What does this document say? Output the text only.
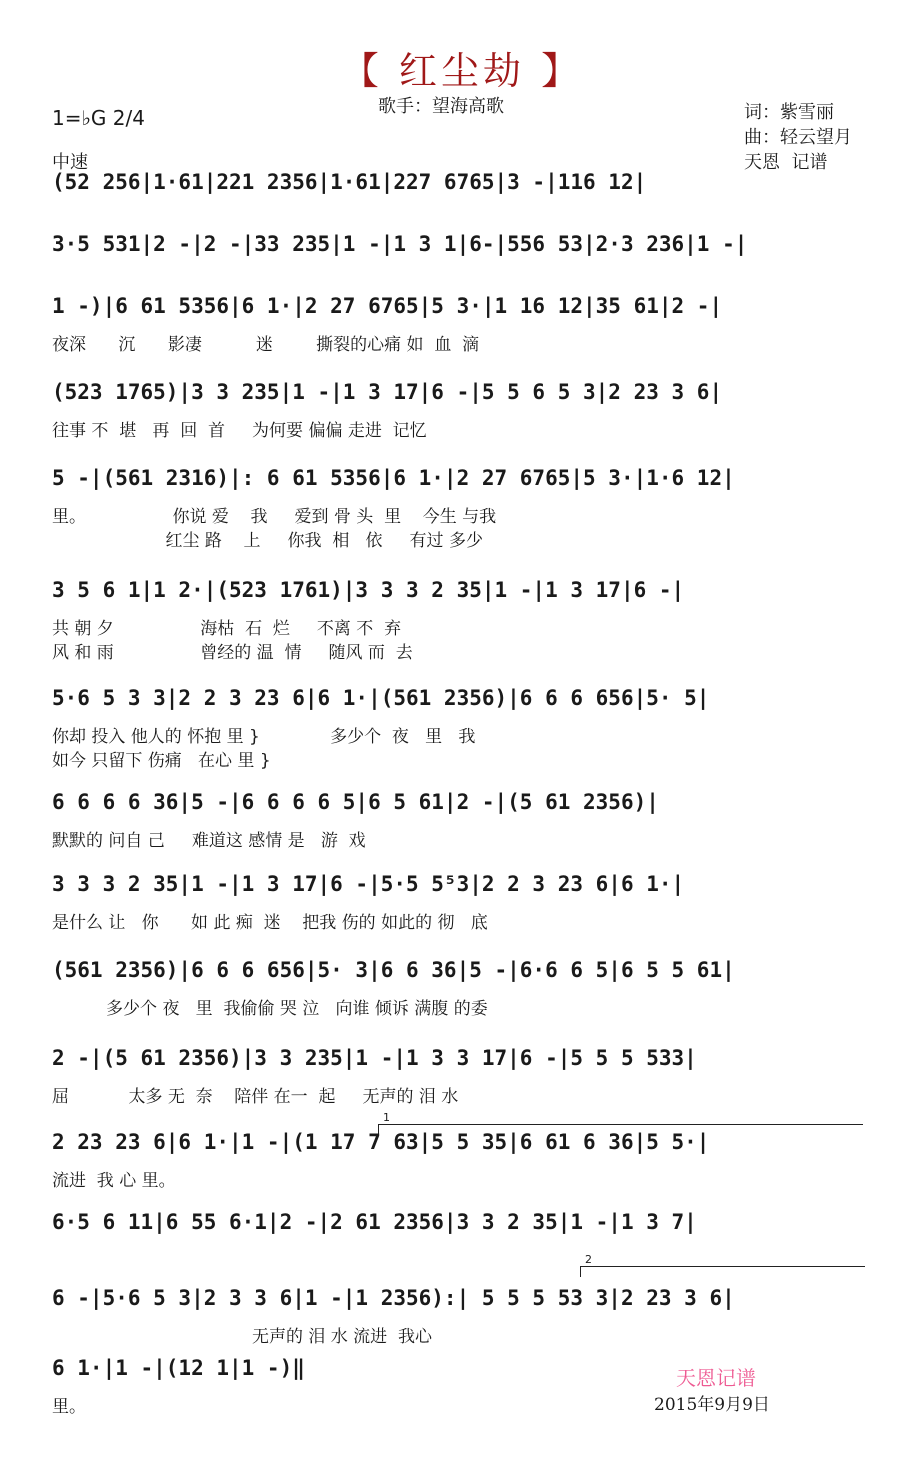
【 红尘劫 】
歌手：望海高歌	词：紫雪丽
曲：轻云望月
天恩  记谱
1=♭G 2/4
中速
1
2
(52 256|1·61|221 2356|1·61|227 6765|3 -|116 12|
3·5 531|2 -|2 -|33 235|1 -|1 3 1|6-|556 53|2·3 236|1 -|
1 -)|6 61 5356|6 1·|2 27 6765|5 3·|1 16 12|35 61|2 -|
夜深      沉      影凄          迷        撕裂的心痛 如  血  滴
(523 1765)|3 3 235|1 -|1 3 17|6 -|5 5 6 5 3|2 23 3 6|
往事 不  堪   再  回  首     为何要 偏偏 走进  记忆
5 -|(561 2316)|: 6 61 5356|6 1·|2 27 6765|5 3·|1·6 12|
里。                你说 爱    我     爱到 骨 头  里    今生 与我
红尘 路    上     你我  相   依     有过 多少
3 5 6 1|1 2·|(523 1761)|3 3 3 2 35|1 -|1 3 17|6 -|
共 朝 夕                海枯  石  烂     不离 不  弃
风 和 雨                曾经的 温  情     随风 而  去
5·6 5 3 3|2 2 3 23 6|6 1·|(561 2356)|6 6 6 656|5· 5|
你却 投入 他人的 怀抱 里 }             多少个  夜   里   我
如今 只留下 伤痛   在心 里 }
6 6 6 6 36|5 -|6 6 6 6 5|6 5 61|2 -|(5 61 2356)|
默默的 问自 己     难道这 感情 是   游  戏
3 3 3 2 35|1 -|1 3 17|6 -|5·5 5⁵3|2 2 3 23 6|6 1·|
是什么 让   你      如 此 痴  迷    把我 伤的 如此的 彻   底
(561 2356)|6 6 6 656|5· 3|6 6 36|5 -|6·6 6 5|6 5 5 61|
多少个 夜   里  我偷偷 哭 泣   向谁 倾诉 满腹 的委
2 -|(5 61 2356)|3 3 235|1 -|1 3 3 17|6 -|5 5 5 533|
屈           太多 无  奈    陪伴 在一  起     无声的 泪 水
2 23 23 6|6 1·|1 -|(1 17 7 63|5 5 35|6 61 6 36|5 5·|
流进  我 心 里。
6·5 6 11|6 55 6·1|2 -|2 61 2356|3 3 2 35|1 -|1 3 7|
6 -|5·6 5 3|2 3 3 6|1 -|1 2356):| 5 5 5 53 3|2 23 3 6|
无声的 泪 水 流进  我心
6 1·|1 -|(12 1|1 -)‖
里。
天恩记谱
2015年9月9日
